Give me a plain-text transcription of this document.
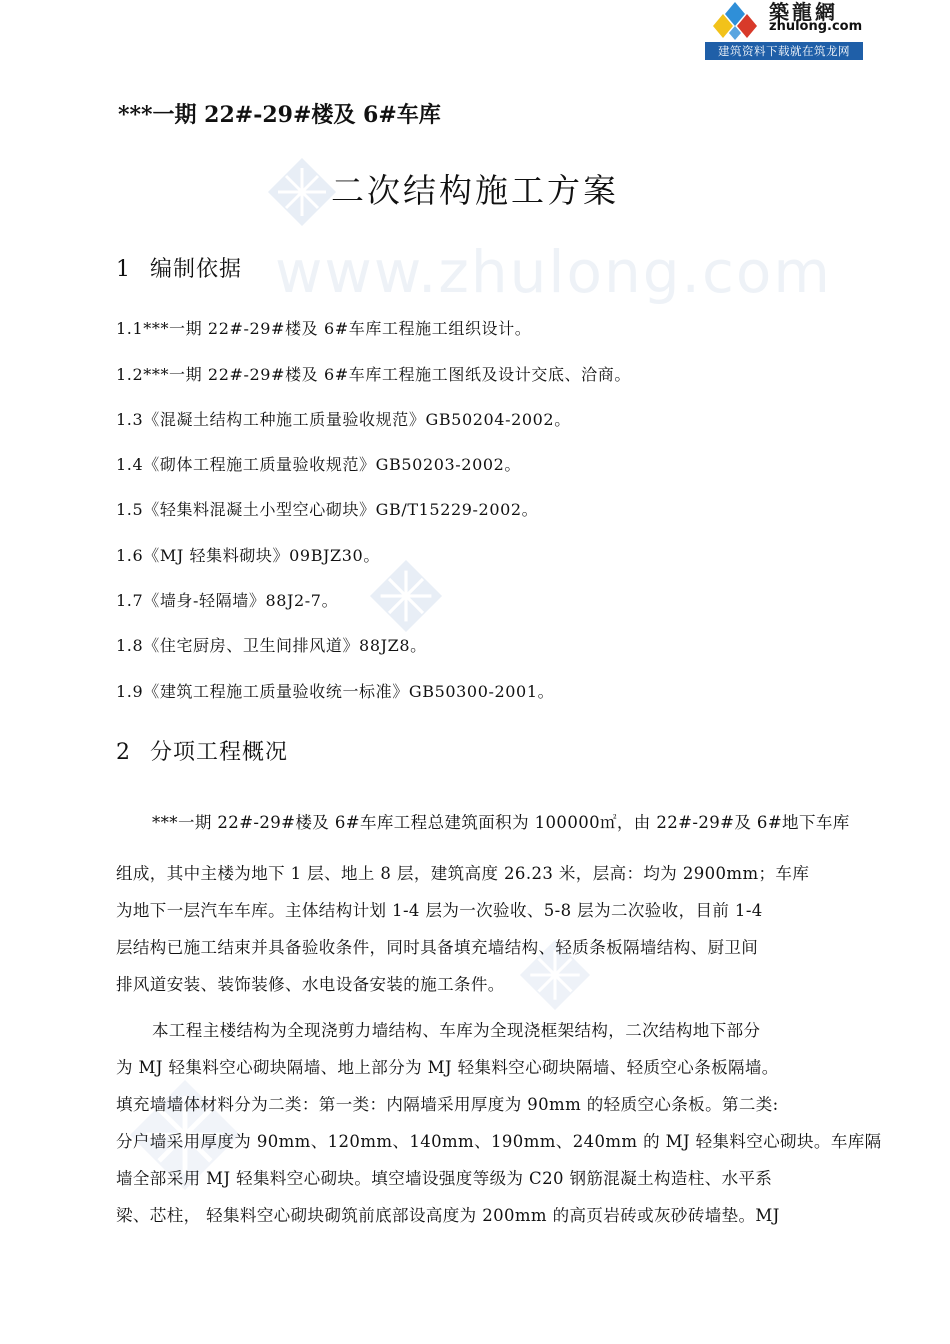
築龍網
zhulong.com
建筑资料下载就在筑龙网
www.zhulong.com
***一期 22#-29#楼及 6#车库
二次结构施工方案
1 编制依据
1.1***一期 22#-29#楼及 6#车库工程施工组织设计。
1.2***一期 22#-29#楼及 6#车库工程施工图纸及设计交底、洽商。
1.3《混凝土结构工种施工质量验收规范》GB50204-2002。
1.4《砌体工程施工质量验收规范》GB50203-2002。
1.5《轻集料混凝土小型空心砌块》GB/T15229-2002。
1.6《MJ 轻集料砌块》09BJZ30。
1.7《墙身-轻隔墙》88J2-7。
1.8《住宅厨房、卫生间排风道》88JZ8。
1.9《建筑工程施工质量验收统一标准》GB50300-2001。
2 分项工程概况
***一期 22#-29#楼及 6#车库工程总建筑面积为 100000㎡，由 22#-29#及 6#地下车库
组成，其中主楼为地下 1 层、地上 8 层，建筑高度 26.23 米，层高：均为 2900mm；车库
为地下一层汽车车库。主体结构计划 1-4 层为一次验收、5-8 层为二次验收，目前 1-4
层结构已施工结束并具备验收条件，同时具备填充墙结构、轻质条板隔墙结构、厨卫间
排风道安装、装饰装修、水电设备安装的施工条件。
本工程主楼结构为全现浇剪力墙结构、车库为全现浇框架结构，二次结构地下部分
为 MJ 轻集料空心砌块隔墙、地上部分为 MJ 轻集料空心砌块隔墙、轻质空心条板隔墙。
填充墙墙体材料分为二类：第一类：内隔墙采用厚度为 90mm 的轻质空心条板。第二类:
分户墙采用厚度为 90mm、120mm、140mm、190mm、240mm 的 MJ 轻集料空心砌块。车库隔
墙全部采用 MJ 轻集料空心砌块。填空墙设强度等级为 C20 钢筋混凝土构造柱、水平系
梁、芯柱， 轻集料空心砌块砌筑前底部设高度为 200mm 的高页岩砖或灰砂砖墙垫。MJ
